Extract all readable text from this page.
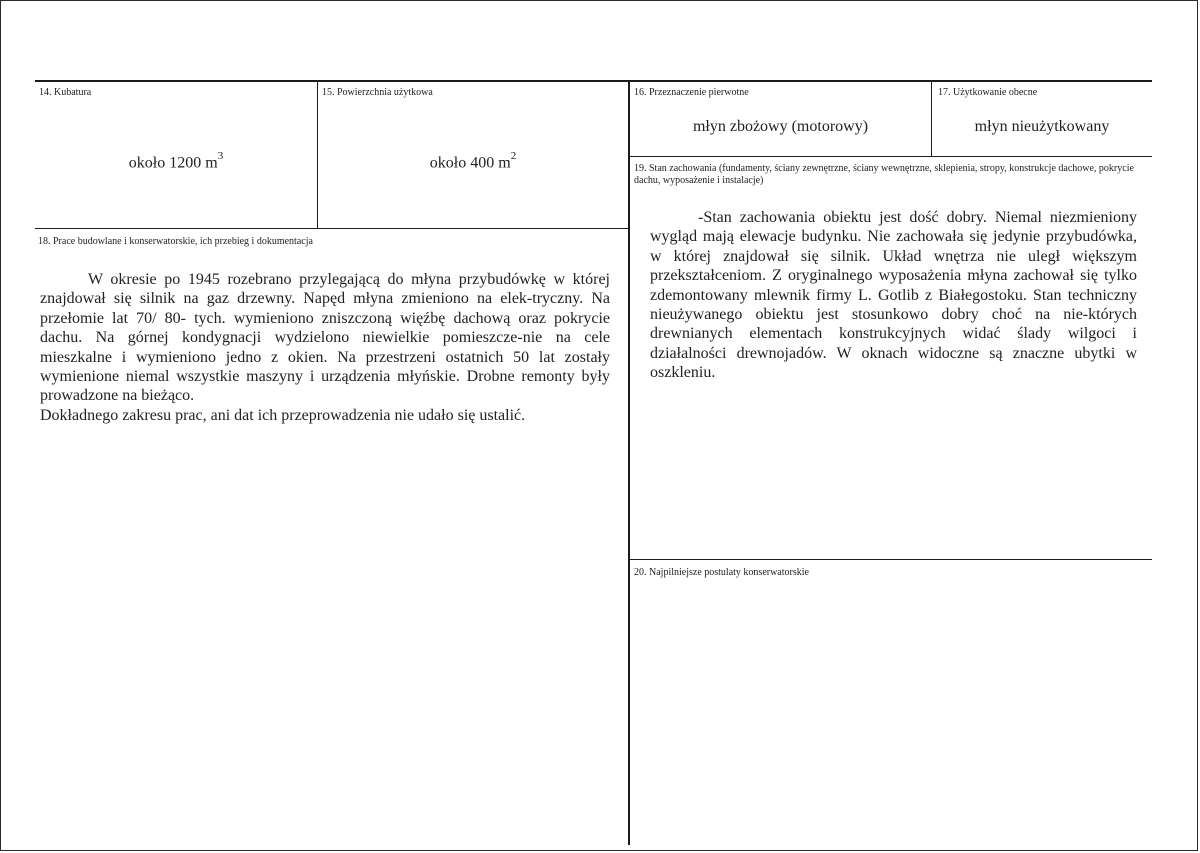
14. Kubatura
około 1200 $m^3$
15. Powierzchnia użytkowa
około 400 $m^2$
16. Przeznaczenie pierwotne
młyn zbożowy (motorowy)
17. Użytkowanie obecne
młyn nieużytkowany
18. Prace budowlane i konserwatorskie, ich przebieg i dokumentacja

W okresie po 1945 rozebrano przylegającą do młyna przybudówkę w której znajdował się silnik na gaz drzewny. Napęd młyna zmieniono na elek-tryczny. Na przełomie lat 70/ 80- tych. wymieniono zniszczoną więźbę dachową oraz pokrycie dachu. Na górnej kondygnacji wydzielono niewielkie pomieszcze-nie na cele mieszkalne i wymieniono jedno z okien. Na przestrzeni ostatnich 50 lat zostały wymienione niemal wszystkie maszyny i urządzenia młyńskie. Drobne remonty były prowadzone na bieżąco.

Dokładnego zakresu prac, ani dat ich przeprowadzenia nie udało się ustalić.

19. Stan zachowania (fundamenty, ściany zewnętrzne, ściany wewnętrzne, sklepienia, stropy, konstrukcje dachowe, pokrycie dachu, wyposażenie i instalacje)

-Stan zachowania obiektu jest dość dobry. Niemal niezmieniony wygląd mają elewacje budynku. Nie zachowała się jedynie przybudówka, w której znajdował się silnik. Układ wnętrza nie uległ większym przekształceniom. Z oryginalnego wyposażenia młyna zachował się tylko zdemontowany mlewnik firmy L. Gotlib z Białegostoku. Stan techniczny nieużywanego obiektu jest stosunkowo dobry choć na nie-których drewnianych elementach konstrukcyjnych widać ślady wilgoci i działalności drewnojadów. W oknach widoczne są znaczne ubytki w oszkleniu.

20. Najpilniejsze postulaty konserwatorskie
